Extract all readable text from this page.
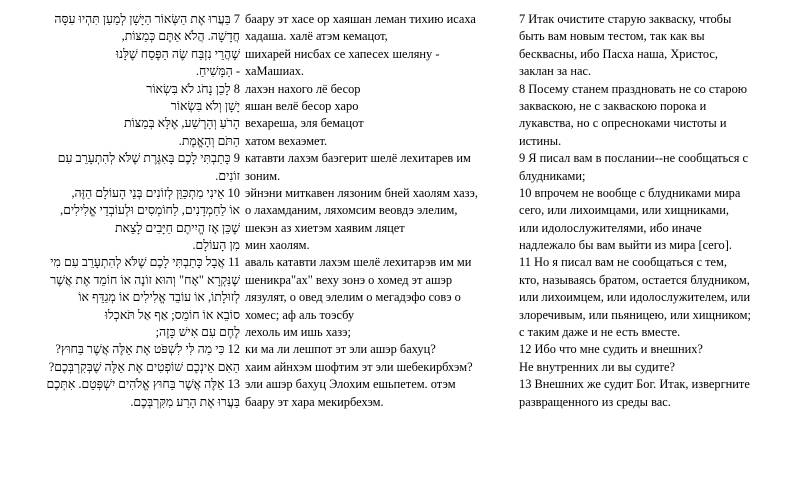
7 בַּעֲרוּ אֶת הַשְּׂאוֹר הַיָּשָׁן לְמַעַן תִּהְיוּ עִסָּה
חֲדָשָׁה. הֲלֹא אַתֶּם כְּמַצּוֹת,
שֶׁהֲרֵי נִזְבַּח שֶׂה הַפֶּסַח שֶׁלָּנוּ
- הַמָּשִׁיחַ.
8 לָכֵן נָחֹג לֹא בִּשְׂאוֹר
יָשָׁן וְלֹא בִּשְׂאוֹר
הָרֹעַ וְהָרֶשַׁע, אֶלָּא בְּמַצּוֹת
הַתֹּם וְהָאֱמֶת.
9 כָּתַבְתִּי לָכֶם בָּאִגֶּרֶת שֶׁלֹּא לְהִתְעָרֵב עִם
זוֹנִים.
10 אֵינִי מִתְכַּוֵּן לְזוֹנִים בְּנֵי הָעוֹלָם הַזֶּה,
אוֹ לַחַמְדָנִים, לַחוֹמְסִים וּלְעוֹבְדֵי אֱלִילִים,
שֶׁכֵּן אָז הֱיִיתֶם חַיָּבִים לָצֵאת
מִן הָעוֹלָם.
11 אֲבָל כָּתַבְתִּי לָכֶם שֶׁלֹּא לְהִתְעָרֵב עִם מִי
שֶׁנִּקְרָא "אָח" וְהוּא זוֹנֶה אוֹ חוֹמֵד אֶת אֲשֶׁר
לְזוּלָתוֹ, אוֹ עוֹבֵד אֱלִילִים אוֹ מְגַדֵּף אוֹ
סוֹבֵא אוֹ חוֹמֵס; אַף אַל תֹּאכְלוּ
לֶחֶם עִם אִישׁ כָּזֶה;
12 כִּי מַה לִּי לִשְׁפֹּט אֶת אֵלֶּה אֲשֶׁר בַּחוּץ?
הַאִם אֵינְכֶם שׁוֹפְטִים אֶת אֵלֶּה שֶׁבְּקִרְבְּכֶם?
13 אֵלֶּה אֲשֶׁר בַּחוּץ אֱלֹהִים יִשְׁפְּטֵם. אִתְּכֶם
בַּעֲרוּ אֶת הָרַע מִקִּרְבְּכֶם.
баару эт хасе ор хаяшан леман тихию исаха
хадаша. халё атэм кемацот,
шихарей нисбах се хапесех шеляну -
хаМашиах.
лахэн нахого лё бесор
яшан велё бесор харо
вехарешa, эля бемацот
хатом вехаэмет.
катавти лахэм баэгерит шелё лехитарев им
зоним.
эйнэни миткавен лязоним бней хаолям хазэ,
о лахамданим, ляхомсим веовдэ элелим,
шекэн аз хиетэм хаявим ляцет
мин хаолям.
аваль катавти лахэм шелё лехитарэв им ми
шеникра"ах" веху зонэ о хомед эт ашэр
лязулят, о овед элелим о мегадэфо совэ о
хомес; аф аль тоэсбу
лехоль им ишь хазэ;
ки ма ли лешпот эт эли ашэр бахуц?
хаим айнхэм шофтим эт эли шебекирбхэм?
эли ашэр бахуц Элохим ешьпетем. отэм
баару эт хара мекирбехэм.
7 Итак очистите старую закваску, чтобы
быть вам новым тестом, так как вы
бесквасны, ибо Пасха наша, Христос,
заклан за нас.
8 Посему станем праздновать не со старою
закваскою, не с закваскою порока и
лукавства, но с опресноками чистоты и
истины.
9 Я писал вам в послании--не сообщаться с
блудниками;
10 впрочем не вообще с блудниками мира
сего, или лихоимцами, или хищниками,
или идолослужителями, ибо иначе
надлежало бы вам выйти из мира [сего].
11 Но я писал вам не сообщаться с тем,
кто, называясь братом, остается блудником,
или лихоимцем, или идолослужителем, или
злоречивым, или пьяницею, или хищником;
с таким даже и не есть вместе.
12 Ибо что мне судить и внешних?
Не внутренних ли вы судите?
13 Внешних же судит Бог. Итак, извергните
развращенного из среды вас.
